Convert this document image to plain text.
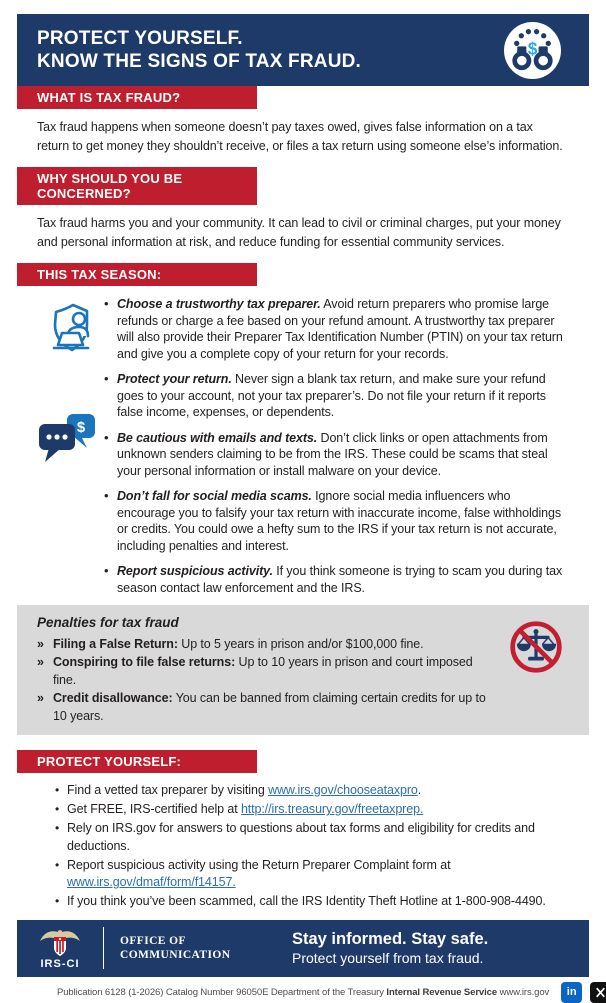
PROTECT YOURSELF.
KNOW THE SIGNS OF TAX FRAUD.
$
WHAT IS TAX FRAUD?
Tax fraud happens when someone doesn’t pay taxes owed, gives false information on a tax return to get money they shouldn’t receive, or files a tax return using someone else’s information.
WHY SHOULD YOU BE CONCERNED?
Tax fraud harms you and your community. It can lead to civil or criminal charges, put your money and personal information at risk, and reduce funding for essential community services.
THIS TAX SEASON:
$
• Choose a trustworthy tax preparer. Avoid return preparers who promise large refunds or charge a fee based on your refund amount. A trustworthy tax preparer will also provide their Preparer Tax Identification Number (PTIN) on your tax return and give you a complete copy of your return for your records.
• Protect your return. Never sign a blank tax return, and make sure your refund goes to your account, not your tax preparer’s. Do not file your return if it reports false income, expenses, or dependents.
• Be cautious with emails and texts. Don’t click links or open attachments from unknown senders claiming to be from the IRS. These could be scams that steal your personal information or install malware on your device.
• Don’t fall for social media scams. Ignore social media influencers who encourage you to falsify your tax return with inaccurate income, false withholdings or credits. You could owe a hefty sum to the IRS if your tax return is not accurate, including penalties and interest.
• Report suspicious activity. If you think someone is trying to scam you during tax season contact law enforcement and the IRS.
Penalties for tax fraud
» Filing a False Return: Up to 5 years in prison and/or $100,000 fine.
» Conspiring to file false returns: Up to 10 years in prison and court imposed fine.
» Credit disallowance: You can be banned from claiming certain credits for up to 10 years.
PROTECT YOURSELF:
• Find a vetted tax preparer by visiting www.irs.gov/chooseataxpro.
• Get FREE, IRS-certified help at http://irs.treasury.gov/freetaxprep.
• Rely on IRS.gov for answers to questions about tax forms and eligibility for credits and deductions.
• Report suspicious activity using the Return Preparer Complaint form at www.irs.gov/dmaf/form/f14157.
• If you think you’ve been scammed, call the IRS Identity Theft Hotline at 1-800-908-4490.
IRS-CI
OFFICE OF
COMMUNICATION
Stay informed. Stay safe.
Protect yourself from tax fraud.
Publication 6128 (1-2026) Catalog Number 96050E Department of the Treasury Internal Revenue Service www.irs.gov in
